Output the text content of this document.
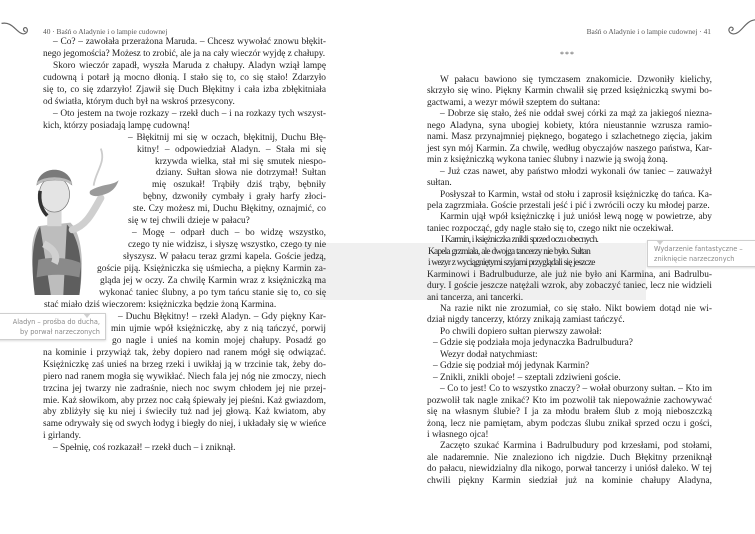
40 · Baśń o Aladynie i o lampie cudownej	Baśń o Aladynie i o lampie cudownej · 41
***
– Co? – zawołała przerażona Maruda. – Chcesz wywołać znowu błękit-
nego jegomościa? Możesz to zrobić, ale ja na cały wieczór wyjdę z chałupy.
Skoro wieczór zapadł, wyszła Maruda z chałupy. Aladyn wziął lampę
cudowną i potarł ją mocno dłonią. I stało się to, co się stało! Zdarzyło
się to, co się zdarzyło! Zjawił się Duch Błękitny i cała izba zbłękitniała
od światła, którym duch był na wskroś przesycony.
– Oto jestem na twoje rozkazy – rzekł duch – i na rozkazy tych wszyst-
kich, którzy posiadają lampę cudowną!
– Błękitnij mi się w oczach, błękitnij, Duchu Błę-
kitny! – odpowiedział Aladyn. – Stała mi się
krzywda wielka, stał mi się smutek niespo-
dziany. Sułtan słowa nie dotrzymał! Sułtan
mię oszukał! Trąbiły dziś trąby, bębniły
bębny, dzwoniły cymbały i grały harfy złoci-
ste. Czy możesz mi, Duchu Błękitny, oznajmić, co
się w tej chwili dzieje w pałacu?
– Mogę – odparł duch – bo widzę wszystko,
czego ty nie widzisz, i słyszę wszystko, czego ty nie
słyszysz. W pałacu teraz grzmi kapela. Goście jedzą,
goście piją. Księżniczka się uśmiecha, a piękny Karmin za-
gląda jej w oczy. Za chwilę Karmin wraz z księżniczką ma
wykonać taniec ślubny, a po tym tańcu stanie się to, co się
stać miało dziś wieczorem: księżniczka będzie żoną Karmina.
– Duchu Błękitny! – rzekł Aladyn. – Gdy piękny Kar-
min ujmie wpół księżniczkę, aby z nią tańczyć, porwij
go nagle i unieś na komin mojej chałupy. Posadź go
na kominie i przywiąż tak, żeby dopiero nad ranem mógł się odwiązać.
Księżniczkę zaś unieś na brzeg rzeki i uwikłaj ją w trzcinie tak, żeby do-
piero nad ranem mogła się wywikłać. Niech fala jej nóg nie zmoczy, niech
trzcina jej twarzy nie zadraśnie, niech noc swym chłodem jej nie przej-
mie. Każ słowikom, aby przez noc całą śpiewały jej pieśni. Każ gwiazdom,
aby zbliżyły się ku niej i świeciły tuż nad jej głową. Każ kwiatom, aby
same odrywały się od swych łodyg i biegły do niej, i układały się w wieńce
i girlandy.
– Spełnię, coś rozkazał! – rzekł duch – i zniknął.
W pałacu bawiono się tymczasem znakomicie. Dzwoniły kielichy,
skrzyło się wino. Piękny Karmin chwalił się przed księżniczką swymi bo-
gactwami, a wezyr mówił szeptem do sułtana:
– Dobrze się stało, żeś nie oddał swej córki za mąż za jakiegoś niezna-
nego Aladyna, syna ubogiej kobiety, która nieustannie wzrusza ramio-
nami. Masz przynajmniej pięknego, bogatego i szlachetnego zięcia, jakim
jest syn mój Karmin. Za chwilę, według obyczajów naszego państwa, Kar-
min z księżniczką wykona taniec ślubny i nazwie ją swoją żoną.
– Już czas nawet, aby państwo młodzi wykonali ów taniec – zauważył
sułtan.
Posłyszał to Karmin, wstał od stołu i zaprosił księżniczkę do tańca. Ka-
pela zagrzmiała. Goście przestali jeść i pić i zwrócili oczy ku młodej parze.
Karmin ujął wpół księżniczkę i już uniósł lewą nogę w powietrze, aby
taniec rozpocząć, gdy nagle stało się to, czego nikt nie oczekiwał.
I Karmin, i księżniczka znikli sprzed oczu obecnych.
Kapela grzmiała, ale dwojga tancerzy nie było. Sułtan
i wezyr z wyciągniętymi szyjami przyglądali się jeszcze
Karminowi i Badrulbudurze, ale już nie było ani Karmina, ani Badrulbu-
dury. I goście jeszcze natężali wzrok, aby zobaczyć taniec, lecz nie widzieli
ani tancerza, ani tancerki.
Na razie nikt nie zrozumiał, co się stało. Nikt bowiem dotąd nie wi-
dział nigdy tancerzy, którzy znikają zamiast tańczyć.
Po chwili dopiero sułtan pierwszy zawołał:
– Gdzie się podziała moja jedynaczka Badrulbudura?
Wezyr dodał natychmiast:
– Gdzie się podział mój jedynak Karmin?
– Znikli, znikli oboje! – szeptali zdziwieni goście.
– Co to jest! Co to wszystko znaczy? – wołał oburzony sułtan. – Kto im
pozwolił tak nagle znikać? Kto im pozwolił tak niepoważnie zachowywać
się na własnym ślubie? I ja za młodu brałem ślub z moją nieboszczką
żoną, lecz nie pamiętam, abym podczas ślubu znikał sprzed oczu i gości,
i własnego ojca!
Zaczęto szukać Karmina i Badrulbudury pod krzesłami, pod stołami,
ale nadaremnie. Nie znaleziono ich nigdzie. Duch Błękitny przeniknął
do pałacu, niewidzialny dla nikogo, porwał tancerzy i uniósł daleko. W tej
chwili piękny Karmin siedział już na kominie chałupy Aladyna,
Aladyn – prośba do ducha,
by porwał narzeczonych
Wydarzenie fantastyczne –
zniknięcie narzeczonych
